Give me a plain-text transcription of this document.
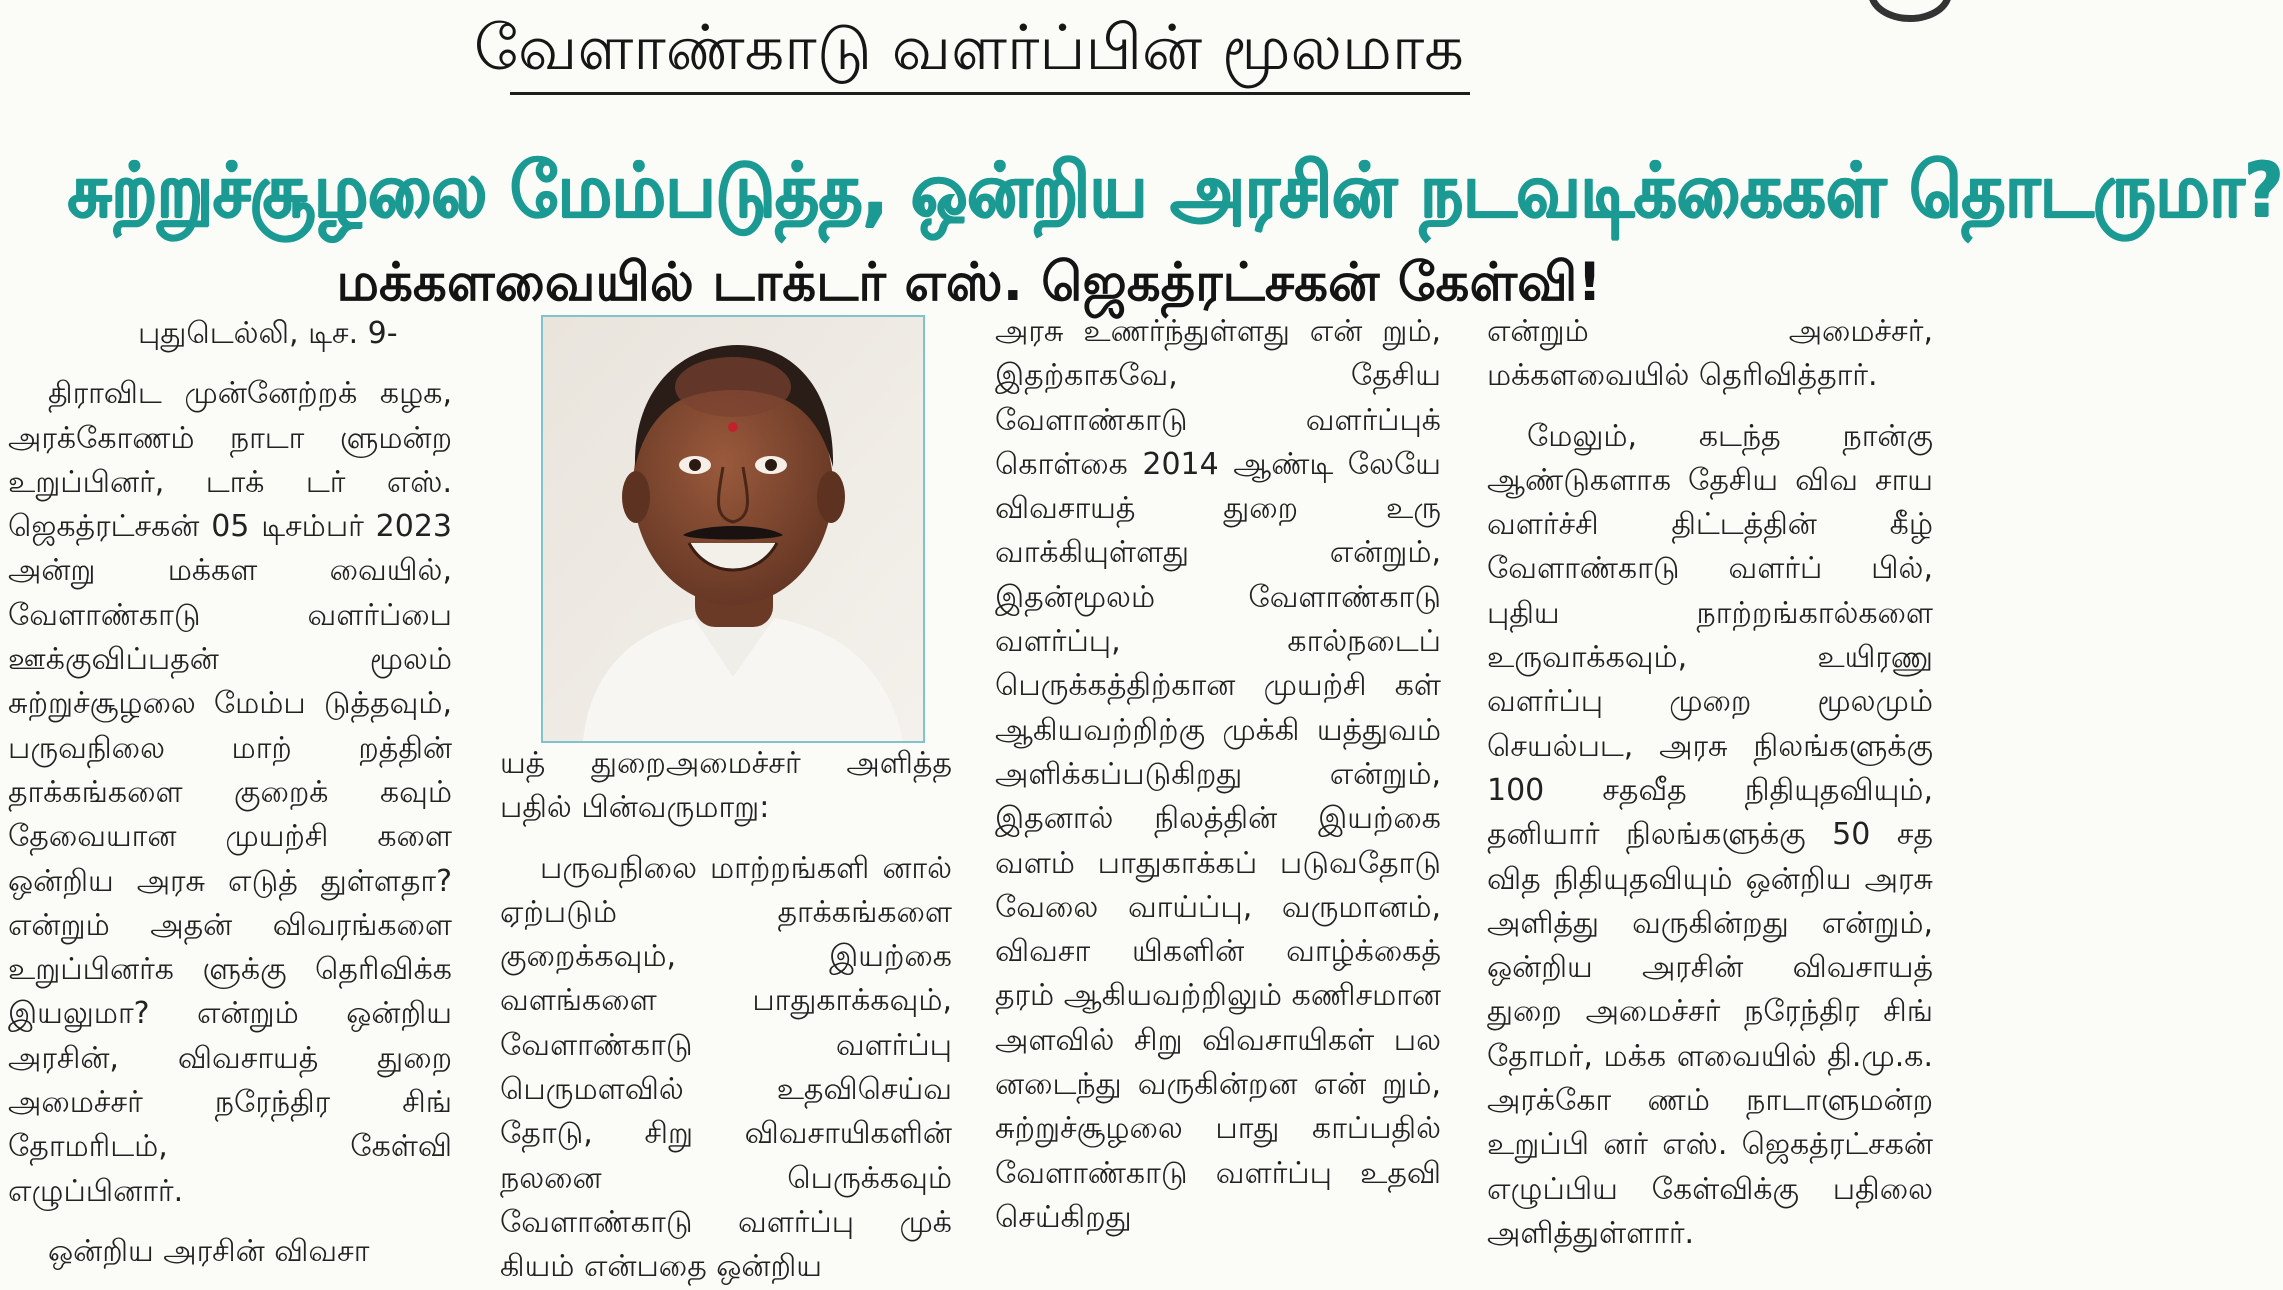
வேளாண்காடு வளர்ப்பின் மூலமாக
சுற்றுச்சூழலை மேம்படுத்த, ஒன்றிய அரசின் நடவடிக்கைகள் தொடருமா?
மக்களவையில் டாக்டர் எஸ். ஜெகத்ரட்சகன் கேள்வி!

புதுடெல்லி, டிச. 9-

திராவிட முன்னேற்றக் கழக, அரக்கோணம் நாடா ளுமன்ற உறுப்பினர், டாக் டர் எஸ். ஜெகத்ரட்சகன் 05 டிசம்பர் 2023 அன்று மக்கள வையில், வேளாண்காடு வளர்ப்பை ஊக்குவிப்பதன் மூலம் சுற்றுச்சூழலை மேம்ப டுத்தவும், பருவநிலை மாற் றத்தின் தாக்கங்களை குறைக் கவும் தேவையான முயற்சி களை ஒன்றிய அரசு எடுத் துள்ளதா? என்றும் அதன் விவரங்களை உறுப்பினர்க ளுக்கு தெரிவிக்க இயலுமா? என்றும் ஒன்றிய அரசின், விவசாயத் துறை அமைச்சர் நரேந்திர சிங் தோமரிடம், கேள்வி எழுப்பினார்.

ஒன்றிய அரசின் விவசா

யத் துறைஅமைச்சர் அளித்த பதில் பின்வருமாறு:

பருவநிலை மாற்றங்களி னால் ஏற்படும் தாக்கங்களை குறைக்கவும், இயற்கை வளங்களை பாதுகாக்கவும், வேளாண்காடு வளர்ப்பு பெருமளவில் உதவிசெய்வ தோடு, சிறு விவசாயிகளின் நலனை பெருக்கவும் வேளாண்காடு வளர்ப்பு முக் கியம் என்பதை ஒன்றிய

அரசு உணர்ந்துள்ளது என் றும், இதற்காகவே, தேசிய வேளாண்காடு வளர்ப்புக் கொள்கை 2014 ஆண்டி லேயே விவசாயத் துறை உரு வாக்கியுள்ளது என்றும், இதன்மூலம் வேளாண்காடு வளர்ப்பு, கால்நடைப் பெருக்கத்திற்கான முயற்சி கள் ஆகியவற்றிற்கு முக்கி யத்துவம் அளிக்கப்படுகிறது என்றும், இதனால் நிலத்தின் இயற்கை வளம் பாதுகாக்கப் படுவதோடு வேலை வாய்ப்பு, வருமானம், விவசா யிகளின் வாழ்க்கைத் தரம் ஆகியவற்றிலும் கணிசமான அளவில் சிறு விவசாயிகள் பல னடைந்து வருகின்றன என் றும், சுற்றுச்சூழலை பாது காப்பதில் வேளாண்காடு வளர்ப்பு உதவி செய்கிறது

என்றும் அமைச்சர், மக்களவையில் தெரிவித்தார்.

மேலும், கடந்த நான்கு ஆண்டுகளாக தேசிய விவ சாய வளர்ச்சி திட்டத்தின் கீழ் வேளாண்காடு வளர்ப் பில், புதிய நாற்றங்கால்களை உருவாக்கவும், உயிரணு வளர்ப்பு முறை மூலமும் செயல்பட, அரசு நிலங்களுக்கு 100 சதவீத நிதியுதவியும், தனியார் நிலங்களுக்கு 50 சத வித நிதியுதவியும் ஒன்றிய அரசு அளித்து வருகின்றது என்றும், ஒன்றிய அரசின் விவசாயத் துறை அமைச்சர் நரேந்திர சிங் தோமர், மக்க ளவையில் தி.மு.க. அரக்கோ ணம் நாடாளுமன்ற உறுப்பி னர் எஸ். ஜெகத்ரட்சகன் எழுப்பிய கேள்விக்கு பதிலை அளித்துள்ளார்.
